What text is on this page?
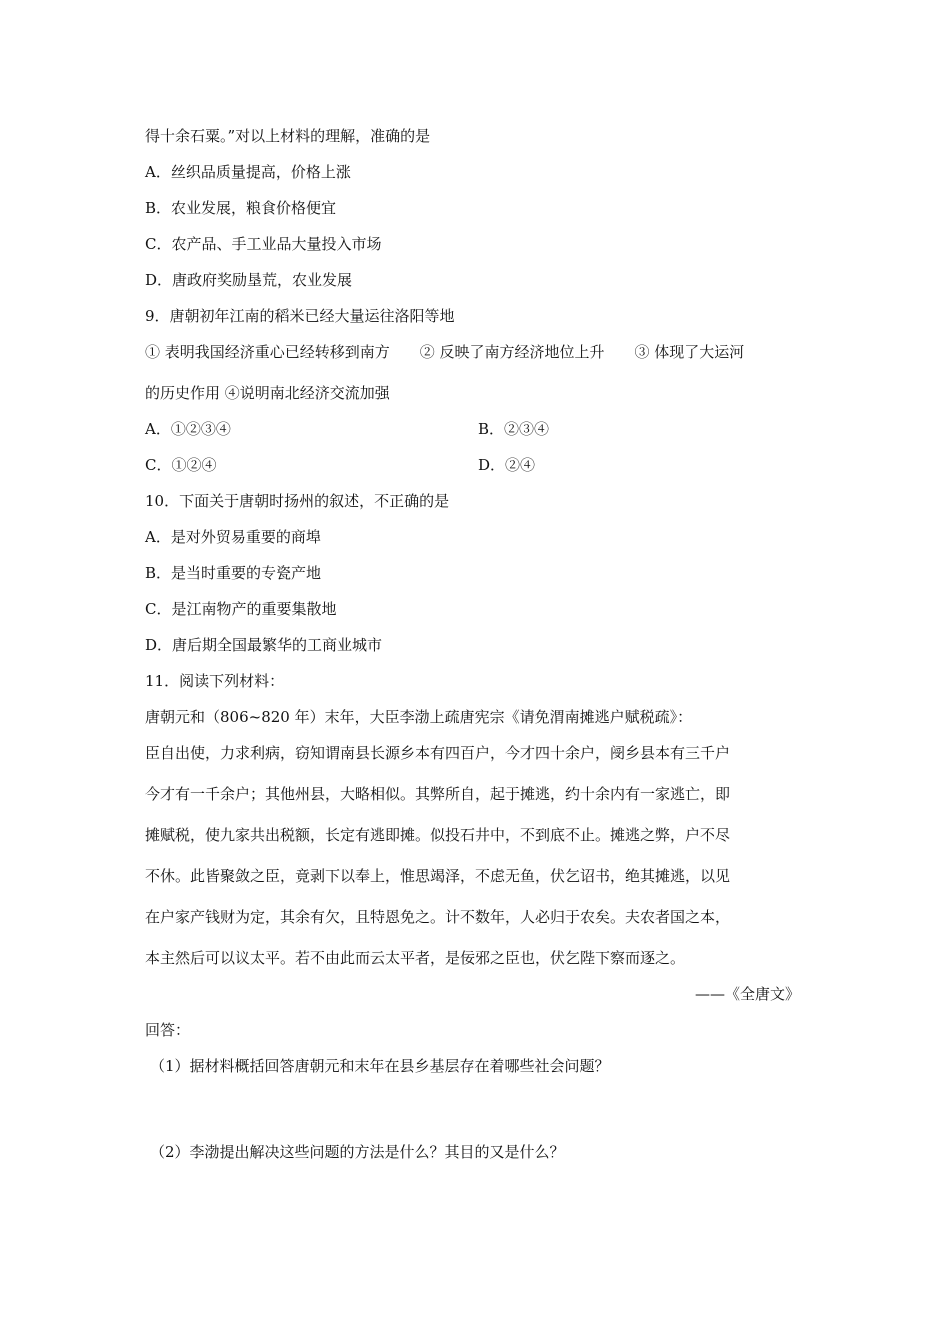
得十余石粟。”对以上材料的理解，准确的是
A．丝织品质量提高，价格上涨
B．农业发展，粮食价格便宜
C．农产品、手工业品大量投入市场
D．唐政府奖励垦荒，农业发展
9．唐朝初年江南的稻米已经大量运往洛阳等地
① 表明我国经济重心已经转移到南方　　② 反映了南方经济地位上升　　③ 体现了大运河
的历史作用 ④说明南北经济交流加强
A．①②③④	B．②③④
C．①②④	D．②④
10．下面关于唐朝时扬州的叙述，不正确的是
A．是对外贸易重要的商埠
B．是当时重要的专瓷产地
C．是江南物产的重要集散地
D．唐后期全国最繁华的工商业城市
11．阅读下列材料：
唐朝元和（806~820 年）末年，大臣李渤上疏唐宪宗《请免渭南摊逃户赋税疏》：
臣自出使，力求利病，窃知谓南县长源乡本有四百户，今才四十余户，阌乡县本有三千户
今才有一千余户；其他州县，大略相似。其弊所自，起于摊逃，约十余内有一家逃亡，即
摊赋税，使九家共出税额，长定有逃即摊。似投石井中，不到底不止。摊逃之弊，户不尽
不休。此皆聚敛之臣，竟剥下以奉上，惟思竭泽，不虑无鱼，伏乞诏书，绝其摊逃，以见
在户家产钱财为定，其余有欠，且特恩免之。计不数年，人必归于农矣。夫农者国之本，
本主然后可以议太平。若不由此而云太平者，是佞邪之臣也，伏乞陛下察而逐之。
——《全唐文》
回答：
（1）据材料概括回答唐朝元和末年在县乡基层存在着哪些社会问题？
（2）李渤提出解决这些问题的方法是什么？其目的又是什么？
